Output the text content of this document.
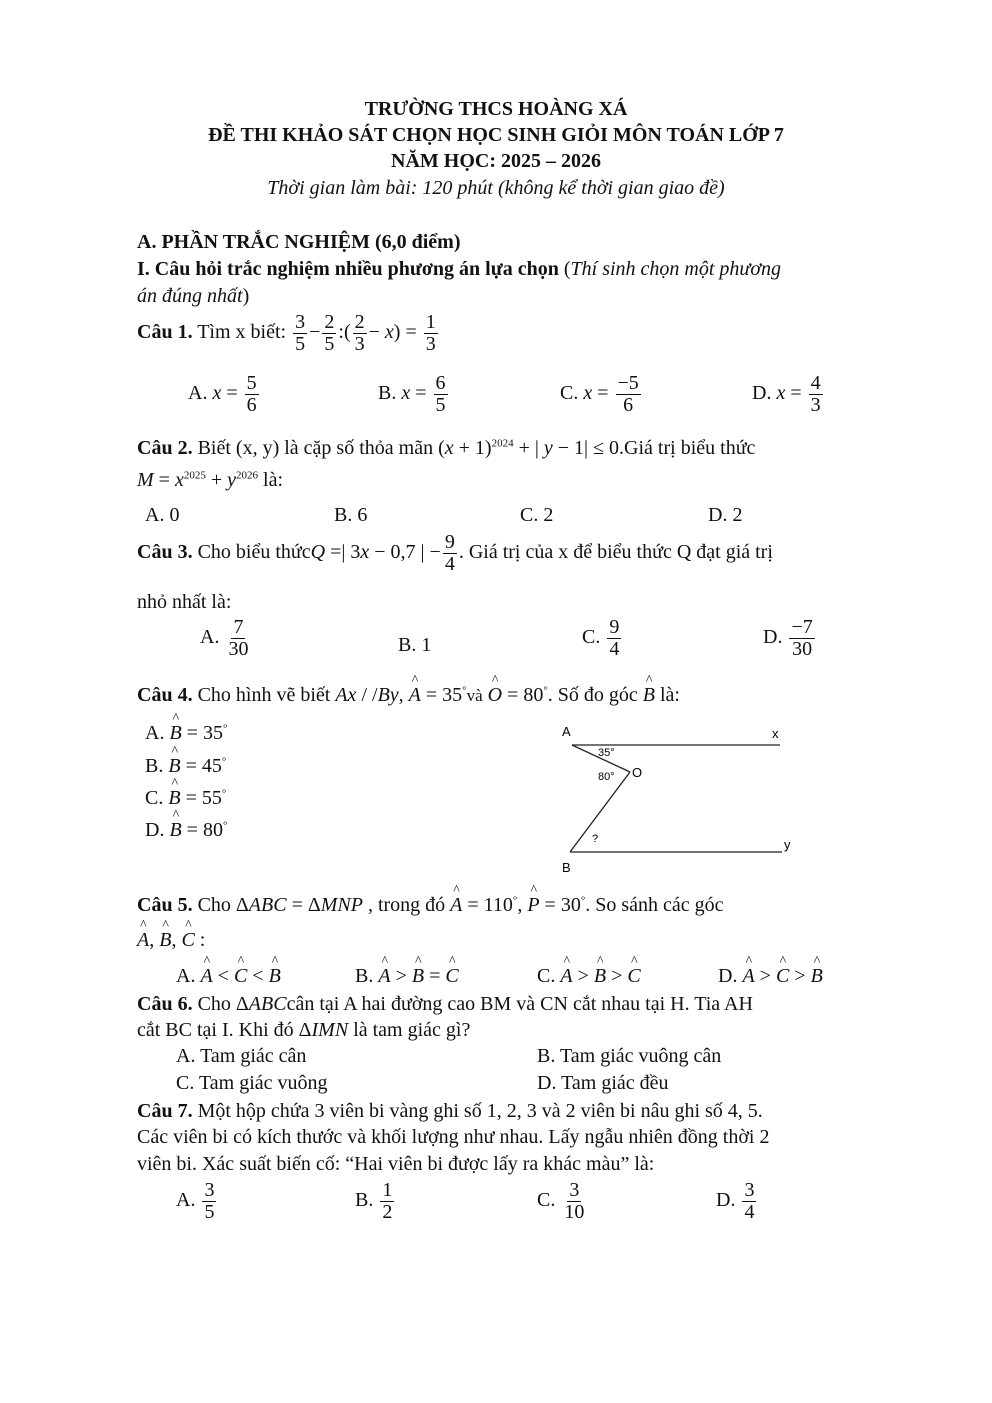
TRƯỜNG THCS HOÀNG XÁ
ĐỀ THI KHẢO SÁT CHỌN HỌC SINH GIỎI MÔN TOÁN LỚP 7
NĂM HỌC: 2025 – 2026
Thời gian làm bài: 120 phút (không kể thời gian giao đề)
A. PHẦN TRẮC NGHIỆM (6,0 điểm)
I. Câu hỏi trắc nghiệm nhiều phương án lựa chọn (Thí sinh chọn một phương
án đúng nhất)
Câu 1. Tìm x biết: $\frac{3}{5} - \frac{2}{5}$ :( $\frac{2}{3} - x) = \frac{1}{3}$
A. $x = \frac{5}{6}$	B. $x = \frac{6}{5}$	C. $x = \frac{-5}{6}$	D. $x = \frac{4}{3}$
Câu 2. Biết (x, y) là cặp số thỏa mãn $(x + 1)^{2024}$ + | y − 1| ≤ 0.Giá trị biểu thức
$M = x^{2025} + y^{2026}$ là:
A. 0	B. 6	C. 2	D. 2
Câu 3. Cho biểu thứcQ =| 3x − 0,7 | − $\frac{9}{4}$ . Giá trị của x để biểu thức Q đạt giá trị
nhỏ nhất là:
A. $\frac{7}{30}$	B. 1	C. $\frac{9}{4}$	D. $\frac{-7}{30}$
Câu 4. Cho hình vẽ biết Ax / /By, ^ A = 35°và ^ O = 80°. Số đo góc ^ B là:
A. ^ B = 35°
B. ^ B = 45°
C. ^ B = 55°
D. ^ B = 80°
A	x
35°
80° O
?	y
B
Câu 5. Cho ΔABC = ΔMNP , trong đó ^ A = 110°, ^ P = 30°. So sánh các góc
^ A, ^ B, ^ C :
A. ^ A < ^ C < ^ B	B. ^ A > ^ B = ^ C	C. ^ A > ^ B > ^ C	D. ^ A > ^ C > ^ B
Câu 6. Cho ΔABCcân tại A hai đường cao BM và CN cắt nhau tại H. Tia AH
cắt BC tại I. Khi đó ΔIMN là tam giác gì?
A. Tam giác cân	B. Tam giác vuông cân
C. Tam giác vuông	D. Tam giác đều
Câu 7. Một hộp chứa 3 viên bi vàng ghi số 1, 2, 3 và 2 viên bi nâu ghi số 4, 5.
Các viên bi có kích thước và khối lượng như nhau. Lấy ngẫu nhiên đồng thời 2
viên bi. Xác suất biến cố: “Hai viên bi được lấy ra khác màu” là:
A. $\frac{3}{5}$	B. $\frac{1}{2}$	C. $\frac{3}{10}$	D. $\frac{3}{4}$
